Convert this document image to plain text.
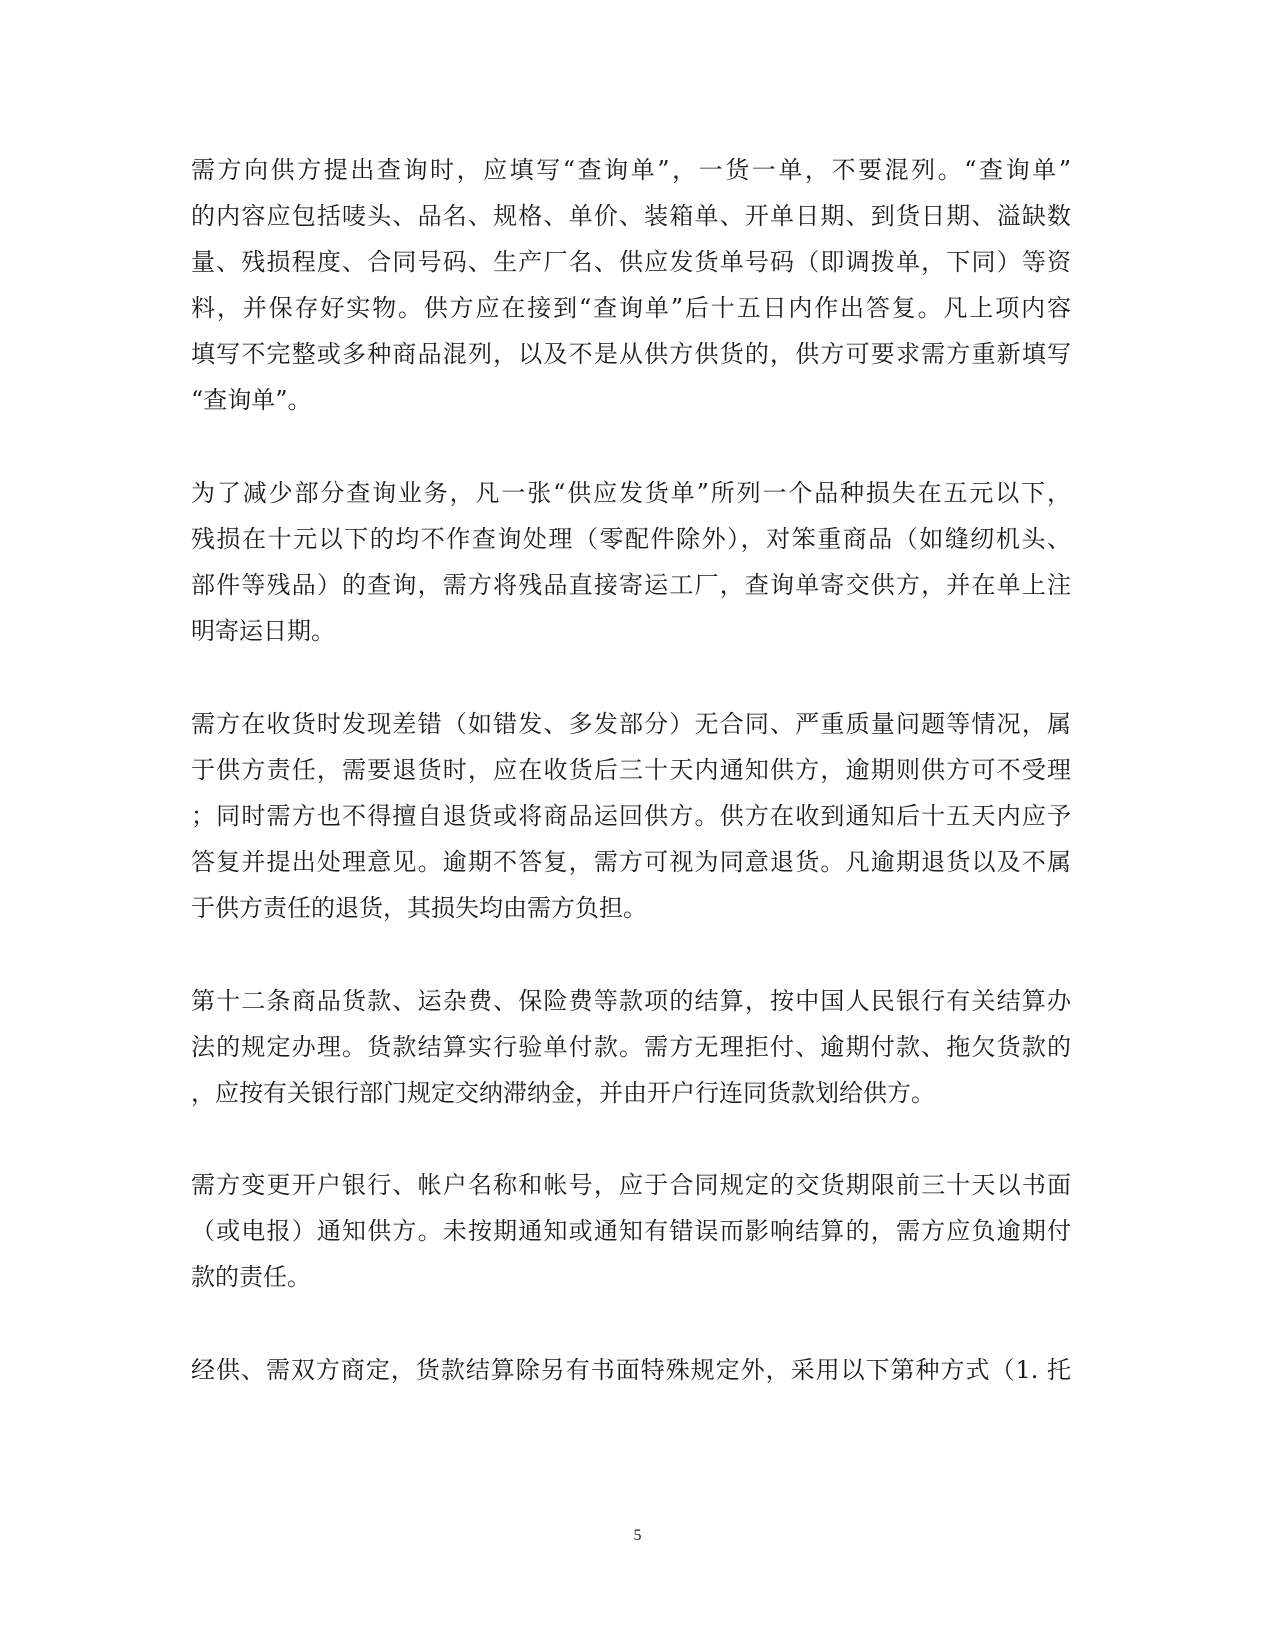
需方向供方提出查询时，应填写“查询单”，一货一单，不要混列。“查询单”
的内容应包括唛头、品名、规格、单价、装箱单、开单日期、到货日期、溢缺数
量、残损程度、合同号码、生产厂名、供应发货单号码（即调拨单，下同）等资
料，并保存好实物。供方应在接到“查询单”后十五日内作出答复。凡上项内容
填写不完整或多种商品混列，以及不是从供方供货的，供方可要求需方重新填写
“查询单”。
为了减少部分查询业务，凡一张“供应发货单”所列一个品种损失在五元以下，
残损在十元以下的均不作查询处理（零配件除外），对笨重商品（如缝纫机头、
部件等残品）的查询，需方将残品直接寄运工厂，查询单寄交供方，并在单上注
明寄运日期。
需方在收货时发现差错（如错发、多发部分）无合同、严重质量问题等情况，属
于供方责任，需要退货时，应在收货后三十天内通知供方，逾期则供方可不受理
；同时需方也不得擅自退货或将商品运回供方。供方在收到通知后十五天内应予
答复并提出处理意见。逾期不答复，需方可视为同意退货。凡逾期退货以及不属
于供方责任的退货，其损失均由需方负担。
第十二条商品货款、运杂费、保险费等款项的结算，按中国人民银行有关结算办
法的规定办理。货款结算实行验单付款。需方无理拒付、逾期付款、拖欠货款的
，应按有关银行部门规定交纳滞纳金，并由开户行连同货款划给供方。
需方变更开户银行、帐户名称和帐号，应于合同规定的交货期限前三十天以书面
（或电报）通知供方。未按期通知或通知有错误而影响结算的，需方应负逾期付
款的责任。
经供、需双方商定，货款结算除另有书面特殊规定外，采用以下第种方式（1. 托
5
